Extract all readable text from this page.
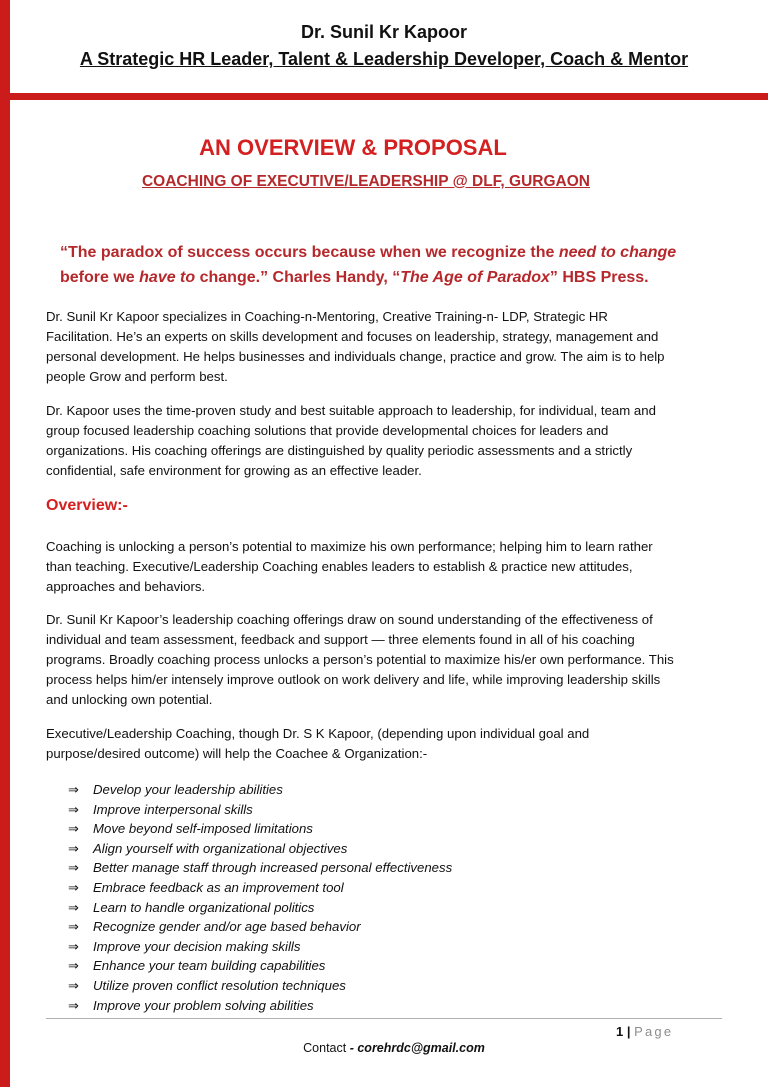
Dr. Sunil Kr Kapoor
A Strategic HR Leader, Talent & Leadership Developer, Coach & Mentor
AN OVERVIEW & PROPOSAL
COACHING OF EXECUTIVE/LEADERSHIP @ DLF, GURGAON
“The paradox of success occurs because when we recognize the need to change before we have to change.” Charles Handy, “The Age of Paradox” HBS Press.
Dr. Sunil Kr Kapoor specializes in Coaching-n-Mentoring, Creative Training-n- LDP, Strategic HR Facilitation. He’s an experts on skills development and focuses on leadership, strategy, management and personal development. He helps businesses and individuals change, practice and grow. The aim is to help people Grow and perform best.
Dr. Kapoor uses the time-proven study and best suitable approach to leadership, for individual, team and group focused leadership coaching solutions that provide developmental choices for leaders and organizations. His coaching offerings are distinguished by quality periodic assessments and a strictly confidential, safe environment for growing as an effective leader.
Overview:-
Coaching is unlocking a person’s potential to maximize his own performance; helping him to learn rather than teaching. Executive/Leadership Coaching enables leaders to establish & practice new attitudes, approaches and behaviors.
Dr. Sunil Kr Kapoor’s leadership coaching offerings draw on sound understanding of the effectiveness of individual and team assessment, feedback and support — three elements found in all of his coaching programs. Broadly coaching process unlocks a person’s potential to maximize his/er own performance. This process helps him/er intensely improve outlook on work delivery and life, while improving leadership skills and unlocking own potential.
Executive/Leadership Coaching, though Dr. S K Kapoor, (depending upon individual goal and purpose/desired outcome) will help the Coachee & Organization:-
⇒ Develop your leadership abilities
⇒ Improve interpersonal skills
⇒ Move beyond self-imposed limitations
⇒ Align yourself with organizational objectives
⇒ Better manage staff through increased personal effectiveness
⇒ Embrace feedback as an improvement tool
⇒ Learn to handle organizational politics
⇒ Recognize gender and/or age based behavior
⇒ Improve your decision making skills
⇒ Enhance your team building capabilities
⇒ Utilize proven conflict resolution techniques
⇒ Improve your problem solving abilities
1 | Page
Contact - corehrdc@gmail.com
